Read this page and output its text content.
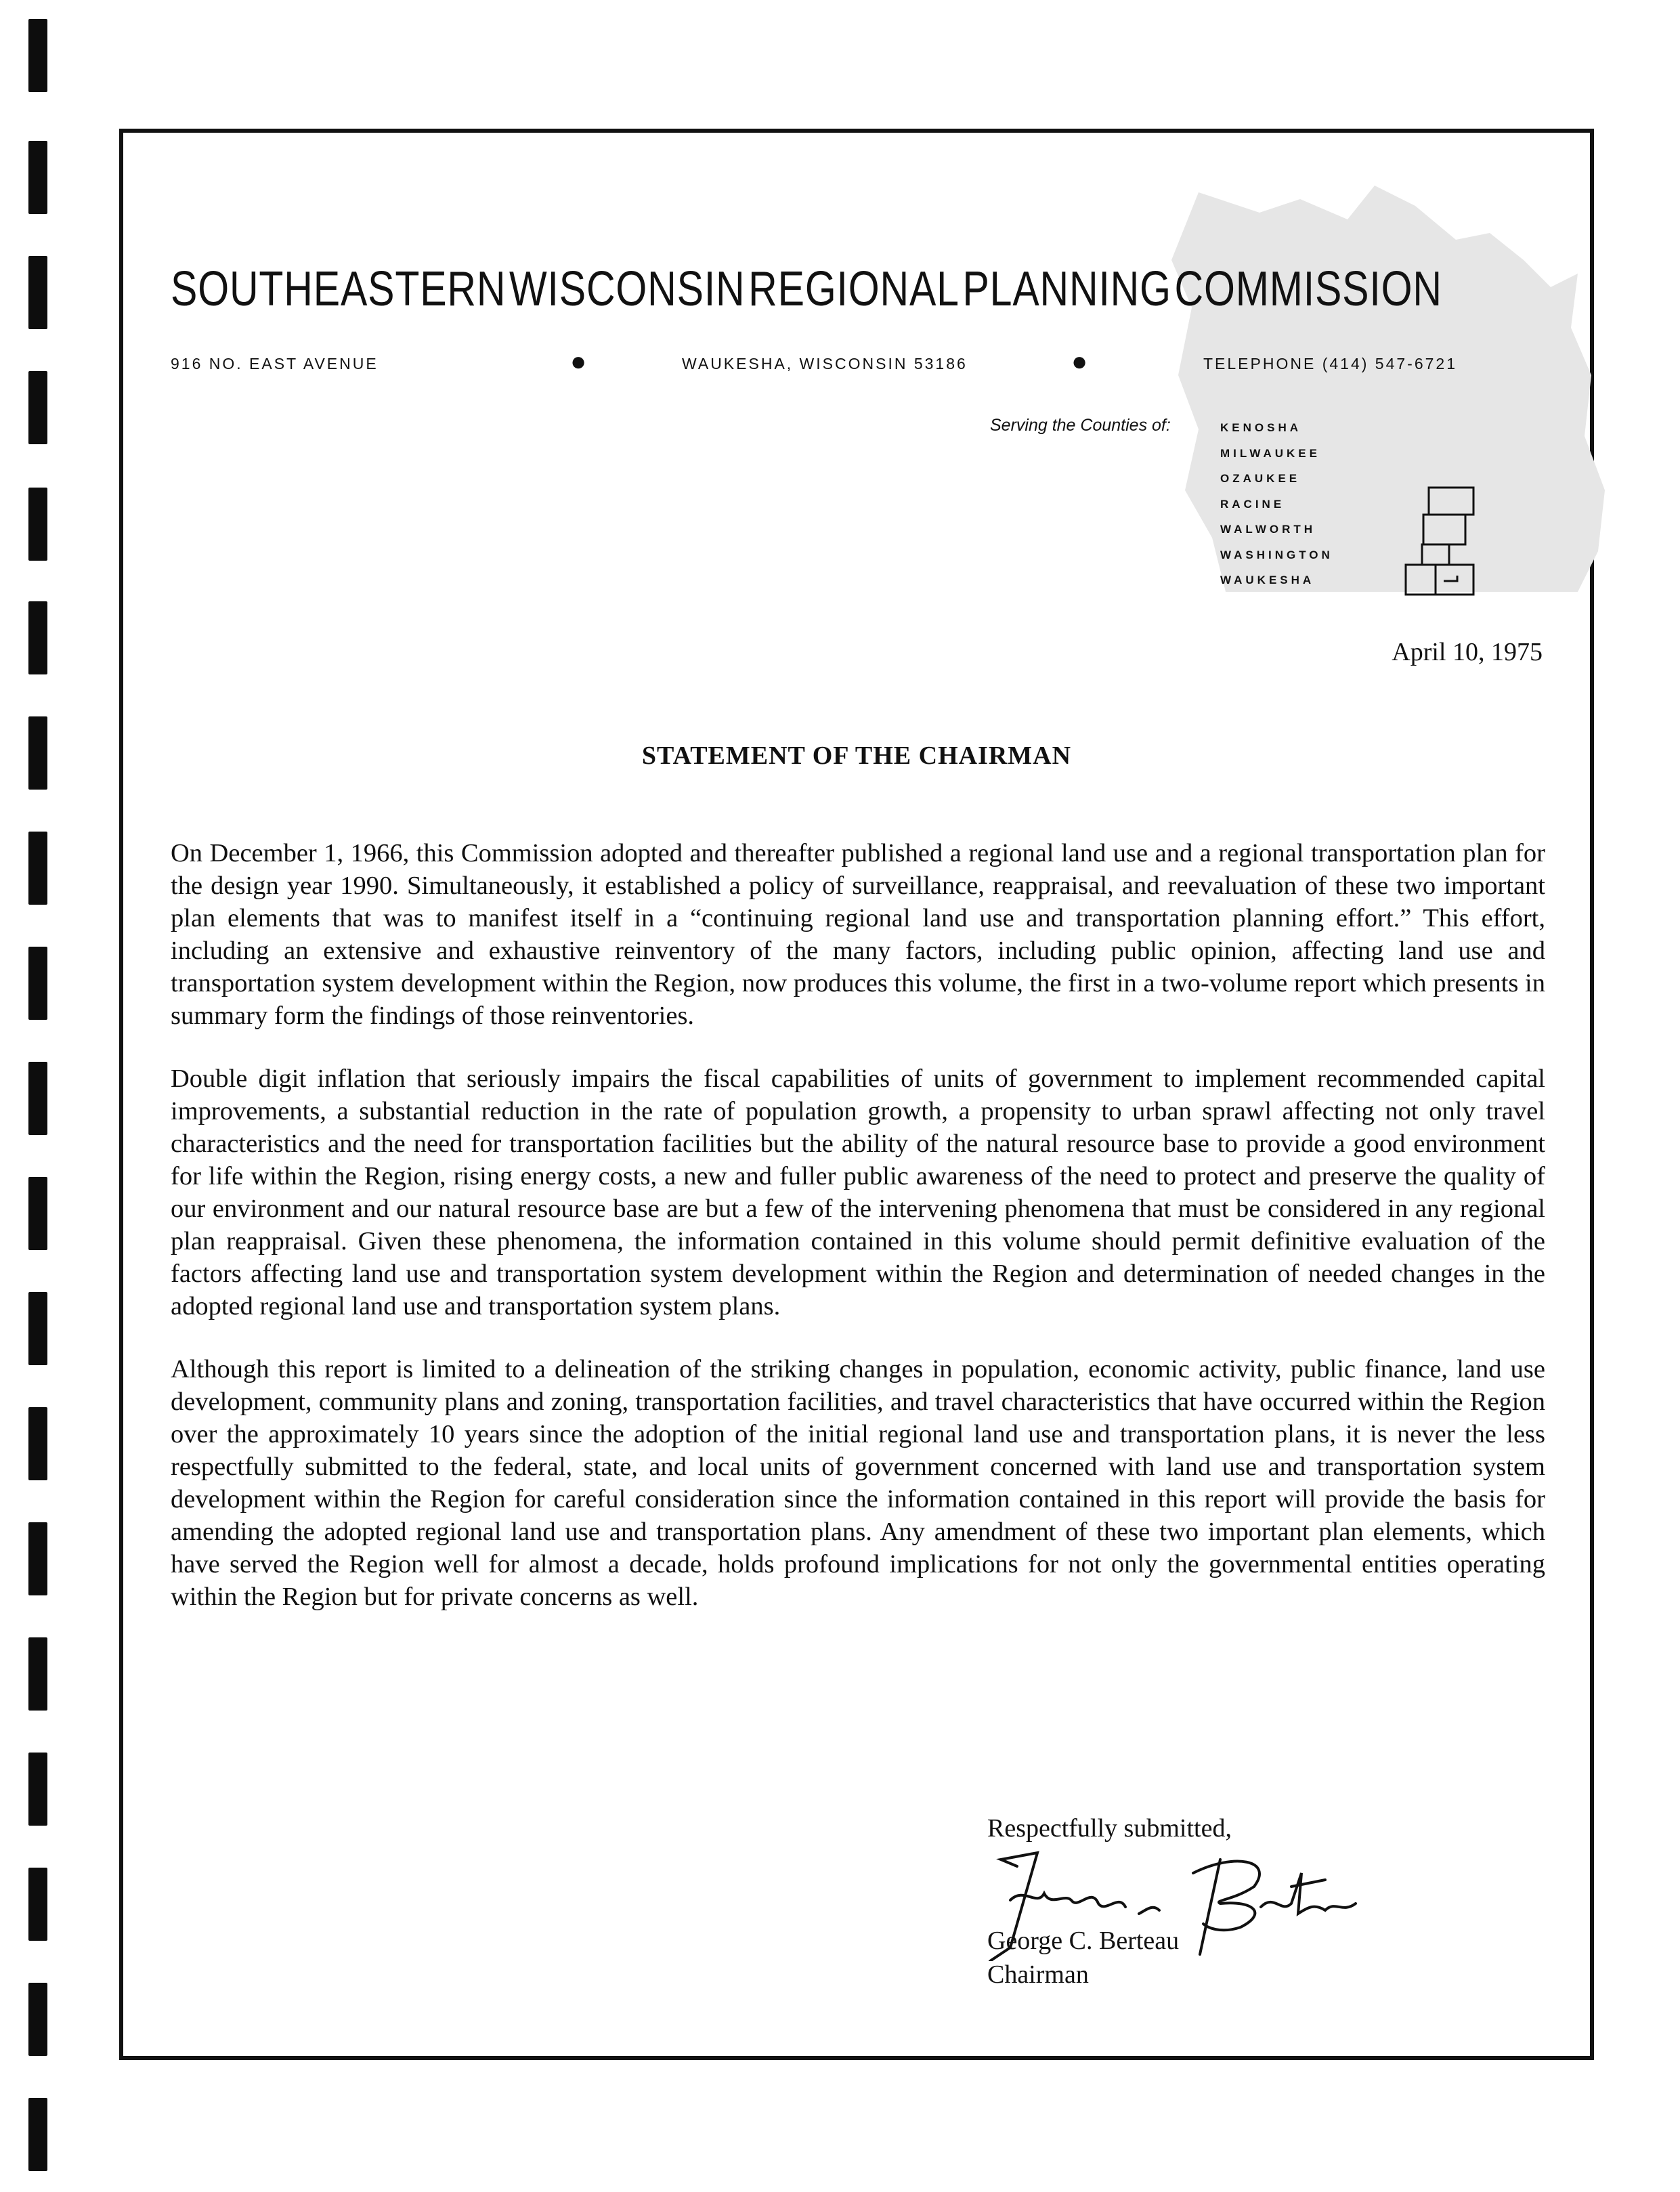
SOUTHEASTERN WISCONSIN REGIONAL PLANNING COMMISSION
916 NO. EAST AVENUE	●	WAUKESHA, WISCONSIN 53186	●	TELEPHONE (414) 547-6721
Serving the Counties of:	KENOSHA
MILWAUKEE
OZAUKEE
RACINE
WALWORTH
WASHINGTON
WAUKESHA
April 10, 1975
STATEMENT OF THE CHAIRMAN

On December 1, 1966, this Commission adopted and thereafter published a regional land use and a regional transportation plan for the design year 1990. Simultaneously, it established a policy of surveillance, reappraisal, and reevaluation of these two important plan elements that was to manifest itself in a “continuing regional land use and transportation planning effort.” This effort, including an extensive and exhaustive reinventory of the many factors, including public opinion, affecting land use and transportation system development within the Region, now produces this volume, the first in a two-volume report which presents in summary form the findings of those reinventories.

Double digit inflation that seriously impairs the fiscal capabilities of units of government to implement recommended capital improvements, a substantial reduction in the rate of population growth, a propensity to urban sprawl affecting not only travel characteristics and the need for transportation facilities but the ability of the natural resource base to provide a good environment for life within the Region, rising energy costs, a new and fuller public awareness of the need to protect and preserve the quality of our environment and our natural resource base are but a few of the intervening phenomena that must be considered in any regional plan reappraisal. Given these phenomena, the information contained in this volume should permit definitive evaluation of the factors affecting land use and transportation system development within the Region and determination of needed changes in the adopted regional land use and transportation system plans.

Although this report is limited to a delineation of the striking changes in population, economic activity, public finance, land use development, community plans and zoning, transportation facilities, and travel characteristics that have occurred within the Region over the approximately 10 years since the adoption of the initial regional land use and transportation plans, it is never the less respectfully submitted to the federal, state, and local units of government concerned with land use and transportation system development within the Region for careful consideration since the information contained in this report will provide the basis for amending the adopted regional land use and transportation plans. Any amendment of these two important plan elements, which have served the Region well for almost a decade, holds profound implications for not only the governmental entities operating within the Region but for private concerns as well.

Respectfully submitted,
George C. Berteau
Chairman
